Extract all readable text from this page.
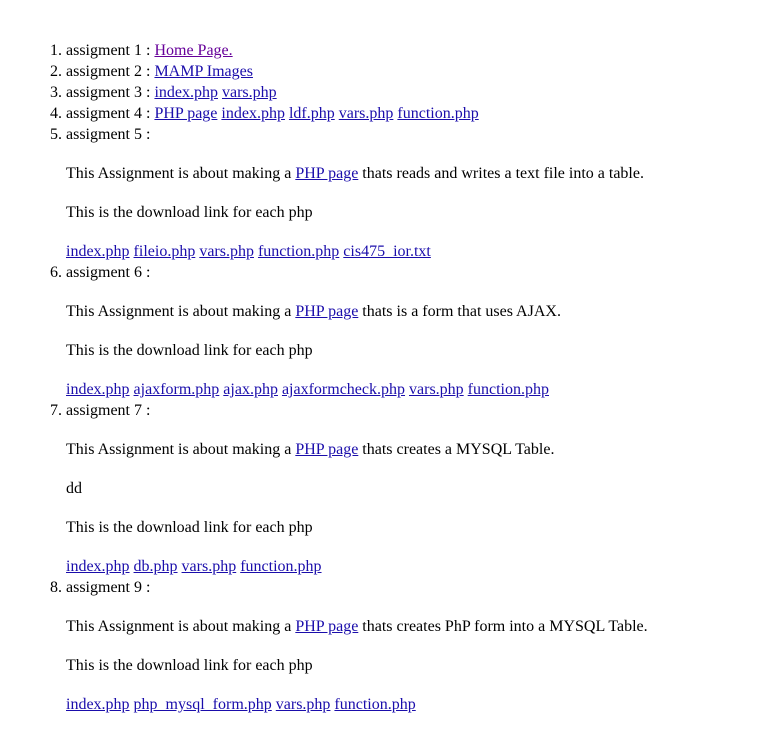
1. assigment 1 : Home Page.
2. assigment 2 : MAMP Images
3. assigment 3 : index.php vars.php
4. assigment 4 : PHP page index.php ldf.php vars.php function.php
5. assigment 5 :

This Assignment is about making a PHP page thats reads and writes a text file into a table.

This is the download link for each php

index.php fileio.php vars.php function.php cis475_ior.txt

6. assigment 6 :

This Assignment is about making a PHP page thats is a form that uses AJAX.

This is the download link for each php

index.php ajaxform.php ajax.php ajaxformcheck.php vars.php function.php

7. assigment 7 :

This Assignment is about making a PHP page thats creates a MYSQL Table.

dd

This is the download link for each php

index.php db.php vars.php function.php

8. assigment 9 :

This Assignment is about making a PHP page thats creates PhP form into a MYSQL Table.

This is the download link for each php

index.php php_mysql_form.php vars.php function.php
